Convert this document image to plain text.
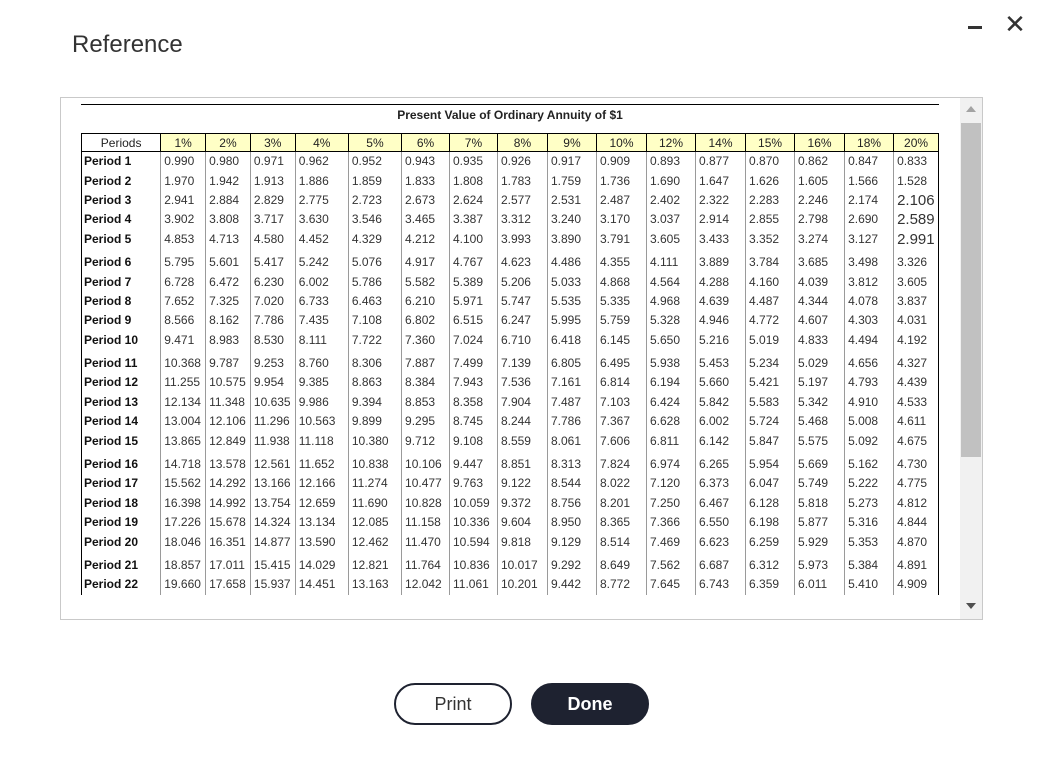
Reference
✕
Present Value of Ordinary Annuity of $1
Periods	1%	2%	3%	4%	5%	6%	7%	8%	9%	10%	12%	14%	15%	16%	18%	20%
Period 1	0.990	0.980	0.971	0.962	0.952	0.943	0.935	0.926	0.917	0.909	0.893	0.877	0.870	0.862	0.847	0.833
Period 2	1.970	1.942	1.913	1.886	1.859	1.833	1.808	1.783	1.759	1.736	1.690	1.647	1.626	1.605	1.566	1.528
Period 3	2.941	2.884	2.829	2.775	2.723	2.673	2.624	2.577	2.531	2.487	2.402	2.322	2.283	2.246	2.174	2.106
Period 4	3.902	3.808	3.717	3.630	3.546	3.465	3.387	3.312	3.240	3.170	3.037	2.914	2.855	2.798	2.690	2.589
Period 5	4.853	4.713	4.580	4.452	4.329	4.212	4.100	3.993	3.890	3.791	3.605	3.433	3.352	3.274	3.127	2.991

Period 6	5.795	5.601	5.417	5.242	5.076	4.917	4.767	4.623	4.486	4.355	4.111	3.889	3.784	3.685	3.498	3.326
Period 7	6.728	6.472	6.230	6.002	5.786	5.582	5.389	5.206	5.033	4.868	4.564	4.288	4.160	4.039	3.812	3.605
Period 8	7.652	7.325	7.020	6.733	6.463	6.210	5.971	5.747	5.535	5.335	4.968	4.639	4.487	4.344	4.078	3.837
Period 9	8.566	8.162	7.786	7.435	7.108	6.802	6.515	6.247	5.995	5.759	5.328	4.946	4.772	4.607	4.303	4.031
Period 10	9.471	8.983	8.530	8.111	7.722	7.360	7.024	6.710	6.418	6.145	5.650	5.216	5.019	4.833	4.494	4.192

Period 11	10.368	9.787	9.253	8.760	8.306	7.887	7.499	7.139	6.805	6.495	5.938	5.453	5.234	5.029	4.656	4.327
Period 12	11.255	10.575	9.954	9.385	8.863	8.384	7.943	7.536	7.161	6.814	6.194	5.660	5.421	5.197	4.793	4.439
Period 13	12.134	11.348	10.635	9.986	9.394	8.853	8.358	7.904	7.487	7.103	6.424	5.842	5.583	5.342	4.910	4.533
Period 14	13.004	12.106	11.296	10.563	9.899	9.295	8.745	8.244	7.786	7.367	6.628	6.002	5.724	5.468	5.008	4.611
Period 15	13.865	12.849	11.938	11.118	10.380	9.712	9.108	8.559	8.061	7.606	6.811	6.142	5.847	5.575	5.092	4.675

Period 16	14.718	13.578	12.561	11.652	10.838	10.106	9.447	8.851	8.313	7.824	6.974	6.265	5.954	5.669	5.162	4.730
Period 17	15.562	14.292	13.166	12.166	11.274	10.477	9.763	9.122	8.544	8.022	7.120	6.373	6.047	5.749	5.222	4.775
Period 18	16.398	14.992	13.754	12.659	11.690	10.828	10.059	9.372	8.756	8.201	7.250	6.467	6.128	5.818	5.273	4.812
Period 19	17.226	15.678	14.324	13.134	12.085	11.158	10.336	9.604	8.950	8.365	7.366	6.550	6.198	5.877	5.316	4.844
Period 20	18.046	16.351	14.877	13.590	12.462	11.470	10.594	9.818	9.129	8.514	7.469	6.623	6.259	5.929	5.353	4.870

Period 21	18.857	17.011	15.415	14.029	12.821	11.764	10.836	10.017	9.292	8.649	7.562	6.687	6.312	5.973	5.384	4.891
Period 22	19.660	17.658	15.937	14.451	13.163	12.042	11.061	10.201	9.442	8.772	7.645	6.743	6.359	6.011	5.410	4.909
Print	Done
